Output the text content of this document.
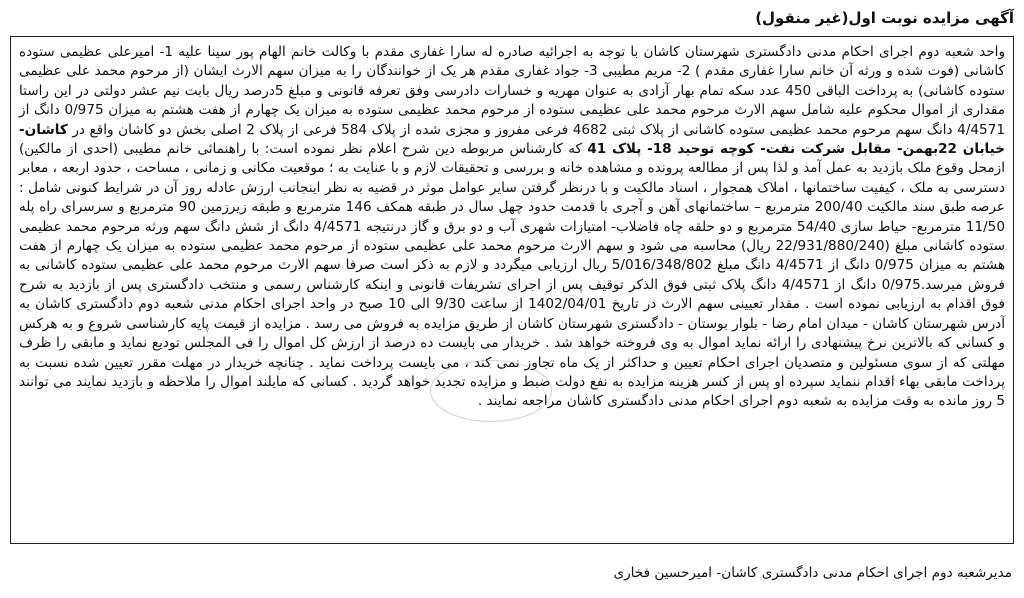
آگهی مزایده نوبت اول(غیر منقول)
واحد شعبه دوم اجرای احکام مدنی دادگستری شهرستان کاشان با توجه به اجرائیه صادره له سارا غفاری مقدم با وکالت خانم الهام پور سینا علیه 1- امیرعلی عظیمی ستوده کاشانی (فوت شده و ورثه آن خانم سارا غفاری مقدم ) 2- مریم مطیبی 3- جواد غفاری مقدم هر یک از خوانندگان را به میزان سهم الارث ایشان (از مرحوم محمد علی عظیمی ستوده کاشانی) به پرداخت الباقی 450 عدد سکه تمام بهار آزادی به عنوان مهریه و خسارات دادرسی وفق تعرفه قانونی و مبلغ 5درصد ریال بابت نیم عشر دولتی در این راستا مقداری از اموال محکوم علیه شامل سهم الارث مرحوم محمد علی عظیمی ستوده از مرحوم محمد عظیمی ستوده به میزان یک چهارم از هفت هشتم به میزان 0/975 دانگ از 4/4571 دانگ سهم مرحوم محمد عظیمی ستوده کاشانی از پلاک ثبتی 4682 فرعی مفروز و مجزی شده از پلاک 584 فرعی از پلاک 2 اصلی بخش دو کاشان واقع در کاشان-خیابان 22بهمن- مقابل شرکت نفت- کوچه توحید 18- پلاک 41 که کارشناس مربوطه دین شرح اعلام نظر نموده است: با راهنمائی خانم مطیبی (احدی از مالکین) ازمحل وقوع ملک بازدید به عمل آمد و لذا پس از مطالعه پرونده و مشاهده خانه و بررسی و تحقیقات لازم و با عنایت به ؛ موقعیت مکانی و زمانی ، مساحت ، حدود اربعه ، معابر دسترسی به ملک ، کیفیت ساختمانها ، املاک همجوار ، اسناد مالکیت و با درنظر گرفتن سایر عوامل موثر در قضیه به نظر اینجانب ارزش عادله روز آن در شرایط کنونی شامل : عرصه طبق سند مالکیت 200/40 مترمربع – ساختمانهای آهن و آجری با قدمت حدود چهل سال در طبقه همکف 146 مترمربع و طبقه زیرزمین 90 مترمربع و سرسرای راه پله 11/50 مترمربع- حیاط سازی 54/40 مترمربع و دو حلقه چاه فاضلاب- امتیازات شهری آب و دو برق و گاز درنتیجه 4/4571 دانگ از شش دانگ سهم ورثه مرحوم محمد عظیمی ستوده کاشانی مبلغ (22/931/880/240 ریال) محاسبه می شود و سهم الارث مرحوم محمد علی عظیمی ستوده از مرحوم محمد عظیمی ستوده به میزان یک چهارم از هفت هشتم به میزان 0/975 دانگ از 4/4571 دانگ مبلغ 5/016/348/802 ریال ارزیابی میگردد و لازم به ذکر است صرفا سهم الارث مرحوم محمد علی عظیمی ستوده کاشانی به فروش میرسد.0/975 دانگ از 4/4571 دانگ پلاک ثبتی فوق الذکر توقیف پس از اجرای تشریفات قانونی و اینکه کارشناس رسمی و منتخب دادگستری پس از بازدید به شرح فوق اقدام به ارزیابی نموده است . مقدار تعیینی سهم الارث در تاریخ 1402/04/01 از ساعت 9/30 الی 10 صبح در واحد اجرای احکام مدنی شعبه دوم دادگستری کاشان به آدرس شهرستان کاشان - میدان امام رضا - بلوار بوستان - دادگستری شهرستان کاشان از طریق مزایده به فروش می رسد . مزایده از قیمت پایه کارشناسی شروع و به هرکس و کسانی که بالاترین نرخ پیشنهادی را ارائه نماید اموال به وی فروخته خواهد شد . خریدار می بایست ده درصد از ارزش کل اموال را فی المجلس تودیع نماید و مابقی را ظرف مهلتی که از سوی مسئولین و متصدیان اجرای احکام تعیین و حداکثر از یک ماه تجاوز نمی کند ، می بایست پرداخت نماید . چنانچه خریدار در مهلت مقرر تعیین شده نسبت به پرداخت مابقی بهاء اقدام ننماید سپرده او پس از کسر هزینه مزایده به نفع دولت ضبط و مزایده تجدید خواهد گردید . کسانی که مایلند اموال را ملاحظه و بازدید نمایند می توانند 5 روز مانده به وقت مزایده به شعبه دوم اجرای احکام مدنی دادگستری کاشان مراجعه نمایند .
مدیرشعبه دوم اجرای احکام مدنی دادگستری کاشان- امیرحسین فخاری
